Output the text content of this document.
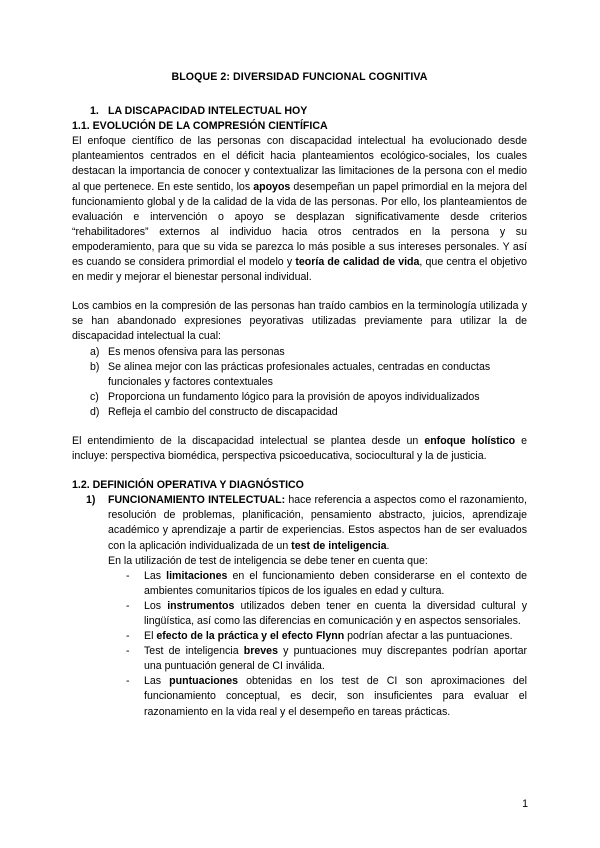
BLOQUE 2: DIVERSIDAD FUNCIONAL COGNITIVA

1. LA DISCAPACIDAD INTELECTUAL HOY

1.1. EVOLUCIÓN DE LA COMPRESIÓN CIENTÍFICA

El enfoque científico de las personas con discapacidad intelectual ha evolucionado desde planteamientos centrados en el déficit hacia planteamientos ecológico-sociales, los cuales destacan la importancia de conocer y contextualizar las limitaciones de la persona con el medio al que pertenece. En este sentido, los apoyos desempeñan un papel primordial en la mejora del funcionamiento global y de la calidad de la vida de las personas. Por ello, los planteamientos de evaluación e intervención o apoyo se desplazan significativamente desde criterios “rehabilitadores” externos al individuo hacia otros centrados en la persona y su empoderamiento, para que su vida se parezca lo más posible a sus intereses personales. Y así es cuando se considera primordial el modelo y teoría de calidad de vida, que centra el objetivo en medir y mejorar el bienestar personal individual.

Los cambios en la compresión de las personas han traído cambios en la terminología utilizada y se han abandonado expresiones peyorativas utilizadas previamente para utilizar la de discapacidad intelectual la cual:

a) Es menos ofensiva para las personas
b) Se alinea mejor con las prácticas profesionales actuales, centradas en conductas funcionales y factores contextuales
c) Proporciona un fundamento lógico para la provisión de apoyos individualizados
d) Refleja el cambio del constructo de discapacidad

El entendimiento de la discapacidad intelectual se plantea desde un enfoque holístico e incluye: perspectiva biomédica, perspectiva psicoeducativa, sociocultural y la de justicia.

1.2. DEFINICIÓN OPERATIVA Y DIAGNÓSTICO

1) FUNCIONAMIENTO INTELECTUAL: hace referencia a aspectos como el razonamiento, resolución de problemas, planificación, pensamiento abstracto, juicios, aprendizaje académico y aprendizaje a partir de experiencias. Estos aspectos han de ser evaluados con la aplicación individualizada de un test de inteligencia.

En la utilización de test de inteligencia se debe tener en cuenta que:

- Las limitaciones en el funcionamiento deben considerarse en el contexto de ambientes comunitarios típicos de los iguales en edad y cultura.
- Los instrumentos utilizados deben tener en cuenta la diversidad cultural y lingüística, así como las diferencias en comunicación y en aspectos sensoriales.
- El efecto de la práctica y el efecto Flynn podrían afectar a las puntuaciones.
- Test de inteligencia breves y puntuaciones muy discrepantes podrían aportar una puntuación general de CI inválida.
- Las puntuaciones obtenidas en los test de CI son aproximaciones del funcionamiento conceptual, es decir, son insuficientes para evaluar el razonamiento en la vida real y el desempeño en tareas prácticas.
1
